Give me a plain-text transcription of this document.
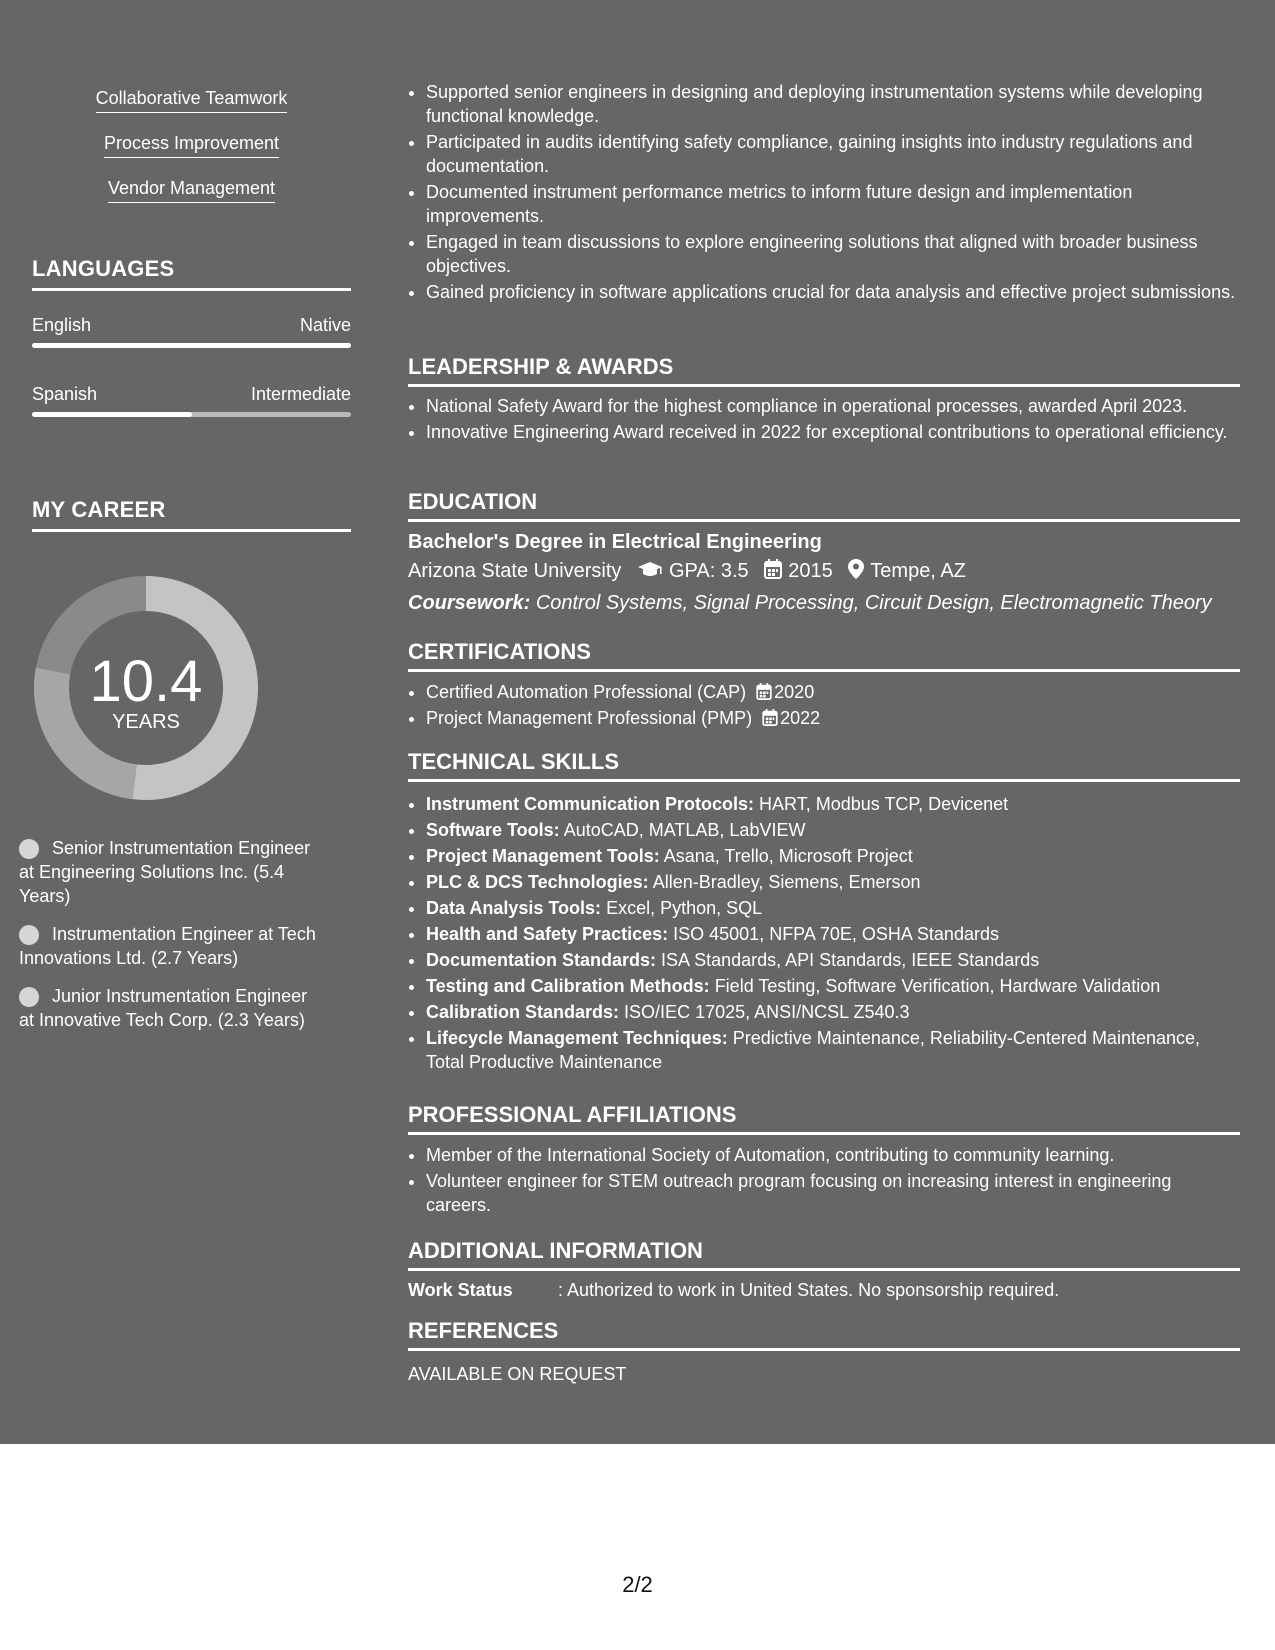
Collaborative Teamwork
Process Improvement
Vendor Management
LANGUAGES
English	Native
Spanish	Intermediate
MY CAREER
10.4
YEARS
Senior Instrumentation Engineer at Engineering Solutions Inc. (5.4 Years)
Instrumentation Engineer at Tech Innovations Ltd. (2.7 Years)
Junior Instrumentation Engineer at Innovative Tech Corp. (2.3 Years)
• Supported senior engineers in designing and deploying instrumentation systems while developing functional knowledge.
• Participated in audits identifying safety compliance, gaining insights into industry regulations and documentation.
• Documented instrument performance metrics to inform future design and implementation improvements.
• Engaged in team discussions to explore engineering solutions that aligned with broader business objectives.
• Gained proficiency in software applications crucial for data analysis and effective project submissions.
LEADERSHIP & AWARDS
• National Safety Award for the highest compliance in operational processes, awarded April 2023.
• Innovative Engineering Award received in 2022 for exceptional contributions to operational efficiency.
EDUCATION
Bachelor's Degree in Electrical Engineering
Arizona State University GPA: 3.5 2015 Tempe, AZ
Coursework: Control Systems, Signal Processing, Circuit Design, Electromagnetic Theory
CERTIFICATIONS
• Certified Automation Professional (CAP) 2020
• Project Management Professional (PMP) 2022
TECHNICAL SKILLS
• Instrument Communication Protocols: HART, Modbus TCP, Devicenet
• Software Tools: AutoCAD, MATLAB, LabVIEW
• Project Management Tools: Asana, Trello, Microsoft Project
• PLC & DCS Technologies: Allen-Bradley, Siemens, Emerson
• Data Analysis Tools: Excel, Python, SQL
• Health and Safety Practices: ISO 45001, NFPA 70E, OSHA Standards
• Documentation Standards: ISA Standards, API Standards, IEEE Standards
• Testing and Calibration Methods: Field Testing, Software Verification, Hardware Validation
• Calibration Standards: ISO/IEC 17025, ANSI/NCSL Z540.3
• Lifecycle Management Techniques: Predictive Maintenance, Reliability-Centered Maintenance, Total Productive Maintenance
PROFESSIONAL AFFILIATIONS
• Member of the International Society of Automation, contributing to community learning.
• Volunteer engineer for STEM outreach program focusing on increasing interest in engineering careers.
ADDITIONAL INFORMATION
Work Status	: Authorized to work in United States. No sponsorship required.
REFERENCES
AVAILABLE ON REQUEST
2/2
